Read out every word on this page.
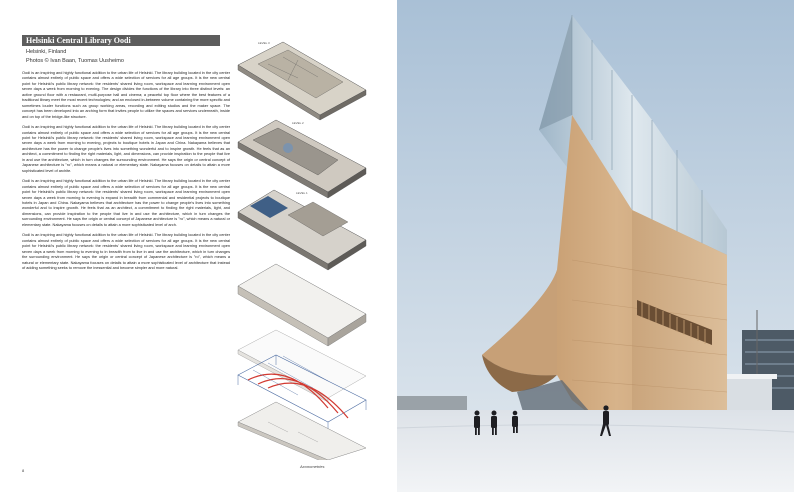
Helsinki Central Library Oodi
Helsinki, Finland
Photos © Ivan Baan, Tuomas Uusheimo

Oodi is an inspiring and highly functional addition to the urban life of Helsinki. The library building located in the city center contains almost entirely of public space and offers a wide selection of services for all age groups. It is the new central point for Helsinki's public library network: the residents' shared living room, workspace and learning environment open seven days a week from morning to evening. The design divides the functions of the library into three distinct levels: an active ground floor with a restaurant, multi-purpose hall and cinema; a peaceful top floor where the best features of a traditional library meet the most recent technologies; and an enclosed in-between volume containing the more specific and sometimes louder functions such as group working areas, recording and editing studios and the maker space. The concept has been developed into an arching form that invites people to utilize the spaces and services underneath, inside and on top of the bridge-like structure.

Oodi is an inspiring and highly functional addition to the urban life of Helsinki. The library building located in the city center contains almost entirely of public space and offers a wide selection of services for all age groups. It is the new central point for Helsinki's public library network: the residents' shared living room, workspace and learning environment open seven days a week from morning to evening, projects to boutique hotels in Japan and China. Nakayama believes that architecture has the power to change people's lives into something wonderful and to inspire growth. He feels that as an architect, a commitment to finding the right materials, light, and dimensions, can provide inspiration to the people that live in and use the architecture, which in turn changes the surrounding environment. He says the origin or central concept of Japanese architecture is "ro", which means a natural or elementary state. Nakayama focuses on details to attain a more sophisticated level of archite.

Oodi is an inspiring and highly functional addition to the urban life of Helsinki. The library building located in the city center contains almost entirely of public space and offers a wide selection of services for all age groups. It is the new central point for Helsinki's public library network: the residents' shared living room, workspace and learning environment open seven days a week from morning to evening is expand in breadth from commercial and residential projects to boutique hotels in Japan and China. Nakayama believes that architecture has the power to change people's lives into something wonderful and to inspire growth. He feels that as an architect, a commitment to finding the right materials, light, and dimensions, can provide inspiration to the people that live in and use the architecture, which in turn changes the surrounding environment. He says the origin or central concept of Japanese architecture is "ro", which means a natural or elementary state. Nakayama focuses on details to attain a more sophisticated level of arch.

Oodi is an inspiring and highly functional addition to the urban life of Helsinki. The library building located in the city center contains almost entirely of public space and offers a wide selection of services for all age groups. It is the new central point for Helsinki's public library network: the residents' shared living room, workspace and learning environment open seven days a week from morning to evening to in breadth from to live in and use the architecture, which in turn changes the surrounding environment. He says the origin or central concept of Japanese architecture is "ro", which means a natural or elementary state. Nakayama focuses on details to attain a more sophisticated level of architecture that instead of adding something seeks to remove the inessential and become simpler and more natural.

LEVEL 3
LEVEL 2
LEVEL 1
8
Axonometries
